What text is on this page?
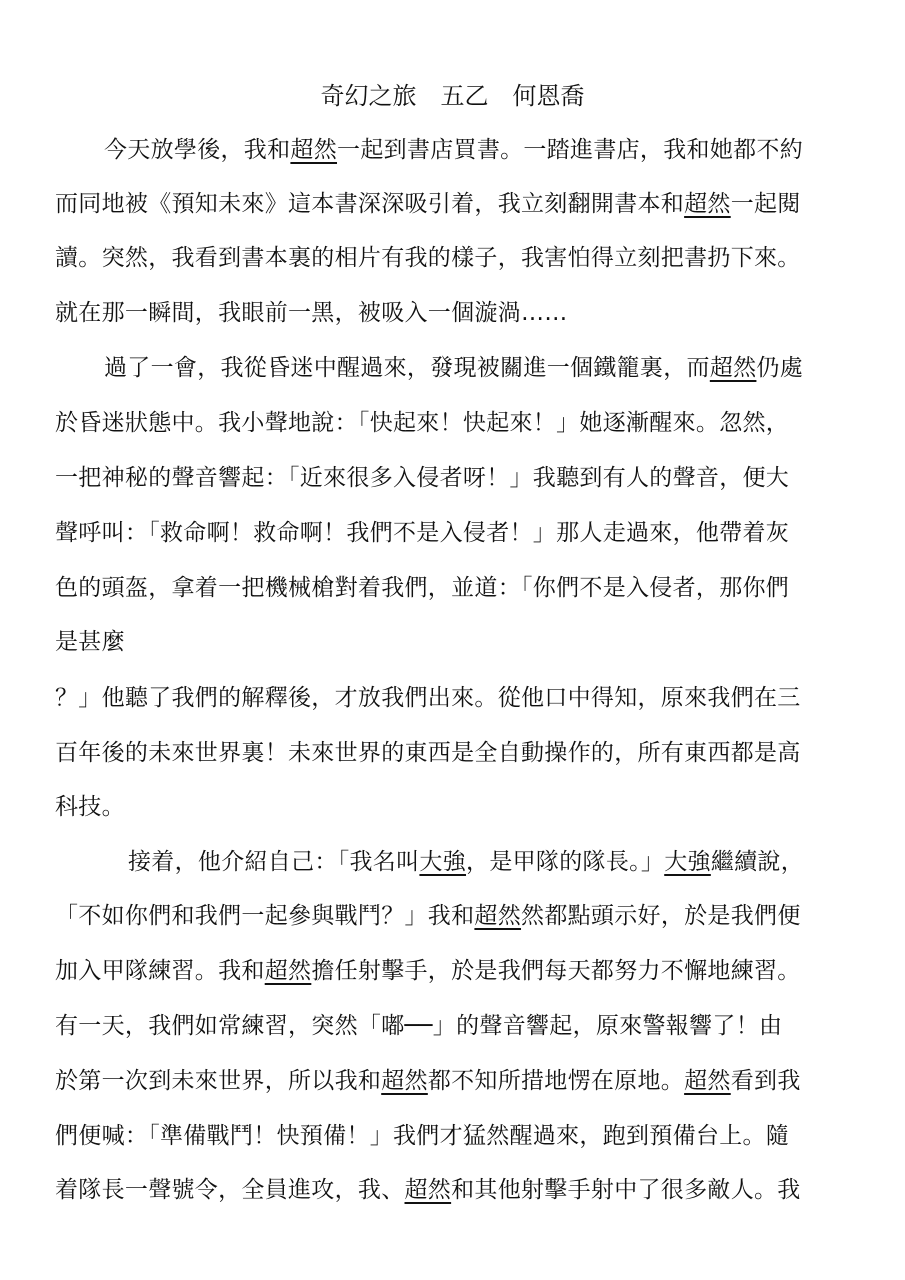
奇幻之旅　五乙　何恩喬
今天放學後，我和超然一起到書店買書。一踏進書店，我和她都不約
而同地被《預知未來》這本書深深吸引着，我立刻翻開書本和超然一起閱
讀。突然，我看到書本裏的相片有我的樣子，我害怕得立刻把書扔下來。
就在那一瞬間，我眼前一黑，被吸入一個漩渦……
過了一會，我從昏迷中醒過來，發現被關進一個鐵籠裏，而超然仍處
於昏迷狀態中。我小聲地說：「快起來！快起來！」她逐漸醒來。忽然，
一把神秘的聲音響起：「近來很多入侵者呀！」我聽到有人的聲音，便大
聲呼叫：「救命啊！救命啊！我們不是入侵者！」那人走過來，他帶着灰
色的頭盔，拿着一把機械槍對着我們，並道：「你們不是入侵者，那你們
是甚麼
？」他聽了我們的解釋後，才放我們出來。從他口中得知，原來我們在三
百年後的未來世界裏！未來世界的東西是全自動操作的，所有東西都是高
科技。
接着，他介紹自己：「我名叫大強，是甲隊的隊長。」大強繼續說，
「不如你們和我們一起參與戰鬥？」我和超然然都點頭示好，於是我們便
加入甲隊練習。我和超然擔任射擊手，於是我們每天都努力不懈地練習。
有一天，我們如常練習，突然「嘟──」的聲音響起，原來警報響了！由
於第一次到未來世界，所以我和超然都不知所措地愣在原地。超然看到我
們便喊：「準備戰鬥！快預備！」我們才猛然醒過來，跑到預備台上。隨
着隊長一聲號令，全員進攻，我、超然和其他射擊手射中了很多敵人。我
